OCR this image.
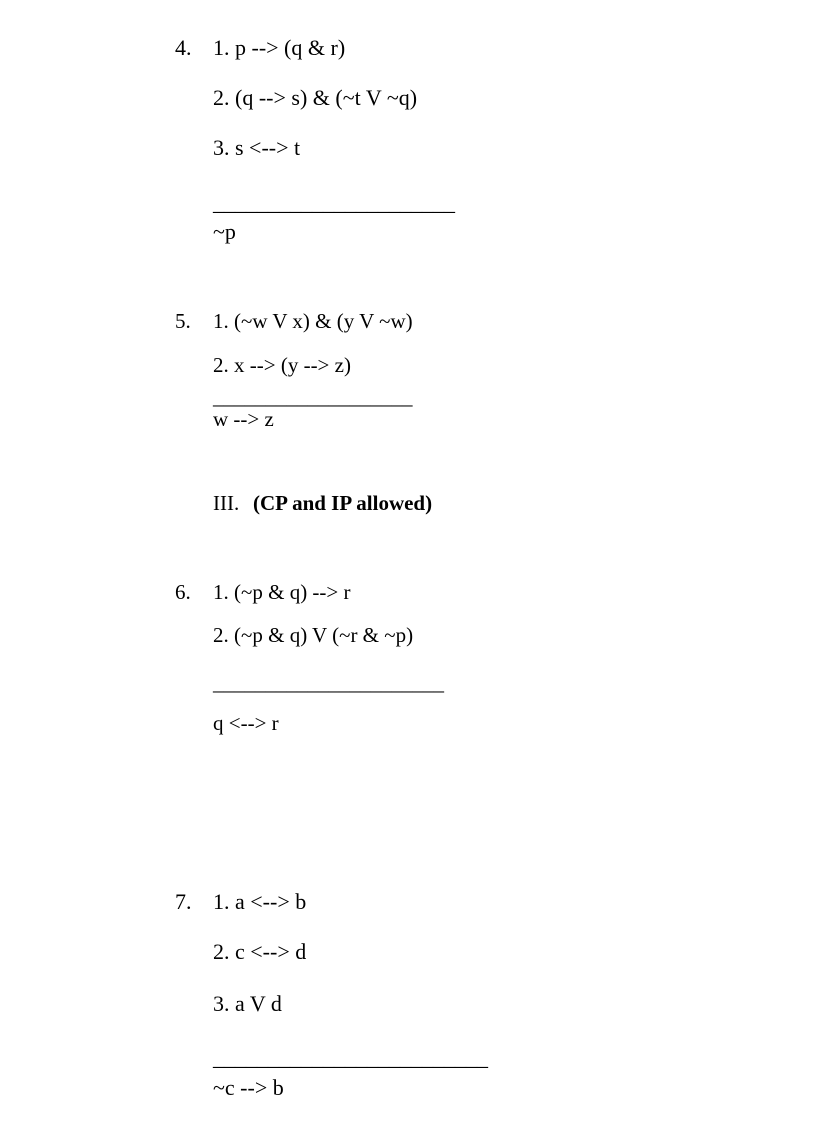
4. 1. p --> (q & r)
2. (q --> s) & (~t V ~q)
3. s <--> t
______________________
~p
5. 1. (~w V x) & (y V ~w)
2. x --> (y --> z)
___________________
w --> z
III. (CP and IP allowed)
6. 1. (~p & q) --> r
2. (~p & q) V (~r & ~p)
______________________
q <--> r
7. 1. a <--> b
2. c <--> d
3. a V d
_________________________
~c --> b
